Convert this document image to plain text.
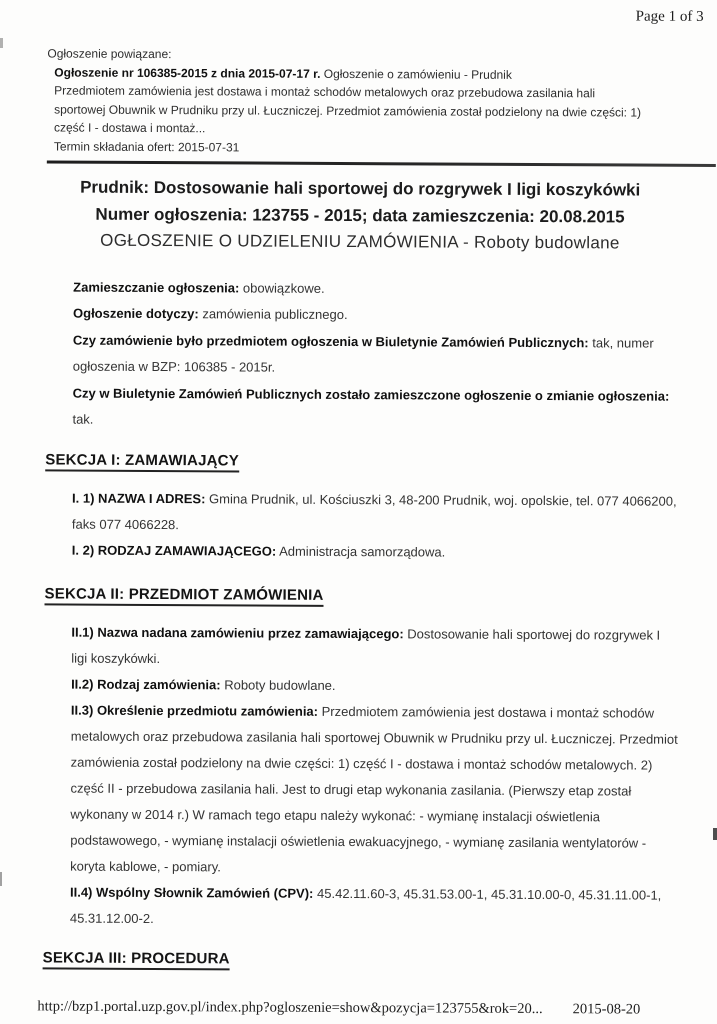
Page 1 of 3
Ogłoszenie powiązane:
Ogłoszenie nr 106385-2015 z dnia 2015-07-17 r. Ogłoszenie o zamówieniu - Prudnik
Przedmiotem zamówienia jest dostawa i montaż schodów metalowych oraz przebudowa zasilania hali sportowej Obuwnik w Prudniku przy ul. Łuczniczej. Przedmiot zamówienia został podzielony na dwie części: 1) część I - dostawa i montaż...
Termin składania ofert: 2015-07-31
Prudnik: Dostosowanie hali sportowej do rozgrywek I ligi koszykówki
Numer ogłoszenia: 123755 - 2015; data zamieszczenia: 20.08.2015
OGŁOSZENIE O UDZIELENIU ZAMÓWIENIA - Roboty budowlane

Zamieszczanie ogłoszenia: obowiązkowe.

Ogłoszenie dotyczy: zamówienia publicznego.

Czy zamówienie było przedmiotem ogłoszenia w Biuletynie Zamówień Publicznych: tak, numer ogłoszenia w BZP: 106385 - 2015r.

Czy w Biuletynie Zamówień Publicznych zostało zamieszczone ogłoszenie o zmianie ogłoszenia: tak.

SEKCJA I: ZAMAWIAJĄCY

I. 1) NAZWA I ADRES: Gmina Prudnik, ul. Kościuszki 3, 48-200 Prudnik, woj. opolskie, tel. 077 4066200, faks 077 4066228.

I. 2) RODZAJ ZAMAWIAJĄCEGO: Administracja samorządowa.

SEKCJA II: PRZEDMIOT ZAMÓWIENIA

II.1) Nazwa nadana zamówieniu przez zamawiającego: Dostosowanie hali sportowej do rozgrywek I ligi koszykówki.

II.2) Rodzaj zamówienia: Roboty budowlane.

II.3) Określenie przedmiotu zamówienia: Przedmiotem zamówienia jest dostawa i montaż schodów metalowych oraz przebudowa zasilania hali sportowej Obuwnik w Prudniku przy ul. Łuczniczej. Przedmiot zamówienia został podzielony na dwie części: 1) część I - dostawa i montaż schodów metalowych. 2) część II - przebudowa zasilania hali. Jest to drugi etap wykonania zasilania. (Pierwszy etap został wykonany w 2014 r.) W ramach tego etapu należy wykonać: - wymianę instalacji oświetlenia podstawowego, - wymianę instalacji oświetlenia ewakuacyjnego, - wymianę zasilania wentylatorów - koryta kablowe, - pomiary.

II.4) Wspólny Słownik Zamówień (CPV): 45.42.11.60-3, 45.31.53.00-1, 45.31.10.00-0, 45.31.11.00-1, 45.31.12.00-2.

SEKCJA III: PROCEDURA
http://bzp1.portal.uzp.gov.pl/index.php?ogloszenie=show&pozycja=123755&rok=20... 2015-08-20
